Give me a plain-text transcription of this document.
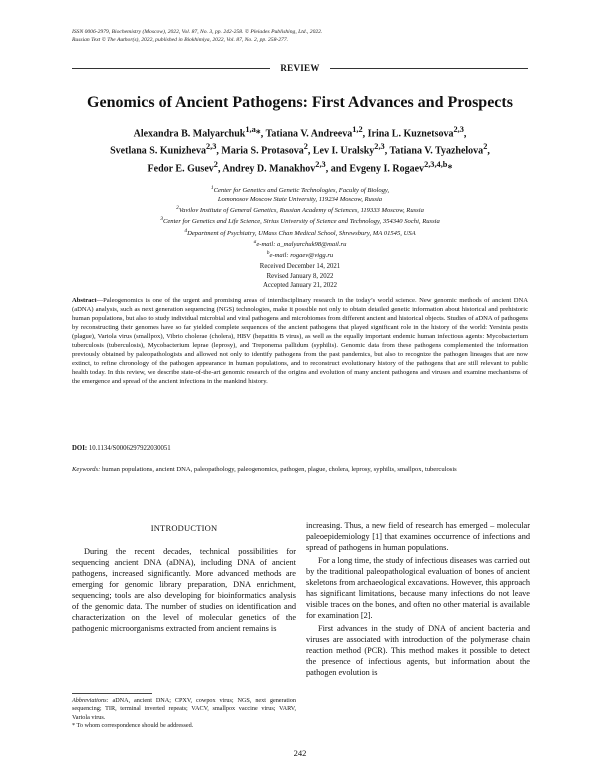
ISSN 0006-2979, Biochemistry (Moscow), 2022, Vol. 87, No. 3, pp. 242-258. © Pleiades Publishing, Ltd., 2022.
Russian Text © The Author(s), 2022, published in Biokhimiya, 2022, Vol. 87, No. 2, pp. 258-277.
REVIEW
Genomics of Ancient Pathogens: First Advances and Prospects
Alexandra B. Malyarchuk$^{1,a}$*, Tatiana V. Andreeva$^{1,2}$, Irina L. Kuznetsova$^{2,3}$,
Svetlana S. Kunizheva$^{2,3}$, Maria S. Protasova$^2$, Lev I. Uralsky$^{2,3}$, Tatiana V. Tyazhelova$^2$,
Fedor E. Gusev$^2$, Andrey D. Manakhov$^{2,3}$, and Evgeny I. Rogaev$^{2,3,4,b}$*
$^1$Center for Genetics and Genetic Technologies, Faculty of Biology,
Lomonosov Moscow State University, 119234 Moscow, Russia
$^2$Vavilov Institute of General Genetics, Russian Academy of Sciences, 119333 Moscow, Russia
$^3$Center for Genetics and Life Science, Sirius University of Science and Technology, 354340 Sochi, Russia
$^4$Department of Psychiatry, UMass Chan Medical School, Shrewsbury, MA 01545, USA
$^a$e-mail: a_malyarchuk98@mail.ru
$^b$e-mail: rogaev@vigg.ru
Received December 14, 2021
Revised January 8, 2022
Accepted January 21, 2022
Abstract—Paleogenomics is one of the urgent and promising areas of interdisciplinary research in the today’s world science. New genomic methods of ancient DNA (aDNA) analysis, such as next generation sequencing (NGS) technologies, make it possible not only to obtain detailed genetic information about historical and prehistoric human populations, but also to study individual microbial and viral pathogens and microbiomes from different ancient and historical objects. Studies of aDNA of pathogens by reconstructing their genomes have so far yielded complete sequences of the ancient pathogens that played significant role in the history of the world: Yersinia pestis (plague), Variola virus (smallpox), Vibrio cholerae (cholera), HBV (hepatitis B virus), as well as the equally important endemic human infectious agents: Mycobacterium tuberculosis (tuberculosis), Mycobacterium leprae (leprosy), and Treponema pallidum (syphilis). Genomic data from these pathogens complemented the information previously obtained by paleopathologists and allowed not only to identify pathogens from the past pandemics, but also to recognize the pathogen lineages that are now extinct, to refine chronology of the pathogen appearance in human populations, and to reconstruct evolutionary history of the pathogens that are still relevant to public health today. In this review, we describe state-of-the-art genomic research of the origins and evolution of many ancient pathogens and viruses and examine mechanisms of the emergence and spread of the ancient infections in the mankind history.
DOI: 10.1134/S0006297922030051
Keywords: human populations, ancient DNA, paleopathology, paleogenomics, pathogen, plague, cholera, leprosy, syphilis, smallpox, tuberculosis
INTRODUCTION

During the recent decades, technical possibilities for sequencing ancient DNA (aDNA), including DNA of ancient pathogens, increased significantly. More advanced methods are emerging for genomic library preparation, DNA enrichment, sequencing; tools are also developing for bioinformatics analysis of the genomic data. The number of studies on identification and characterization on the level of molecular genetics of the pathogenic microorganisms extracted from ancient remains is

increasing. Thus, a new field of research has emerged – molecular paleoepidemiology [1] that examines occurrence of infections and spread of pathogens in human populations.

For a long time, the study of infectious diseases was carried out by the traditional paleopathological evaluation of bones of ancient skeletons from archaeological excavations. However, this approach has significant limitations, because many infections do not leave visible traces on the bones, and often no other material is available for examination [2].

First advances in the study of DNA of ancient bacteria and viruses are associated with introduction of the polymerase chain reaction method (PCR). This method makes it possible to detect the presence of infectious agents, but information about the pathogen evolution is

Abbreviations: aDNA, ancient DNA; CPXV, cowpox virus; NGS, next generation sequencing; TIR, terminal inverted repeats; VACV, smallpox vaccine virus; VARV, Variola virus.

* To whom correspondence should be addressed.

242
